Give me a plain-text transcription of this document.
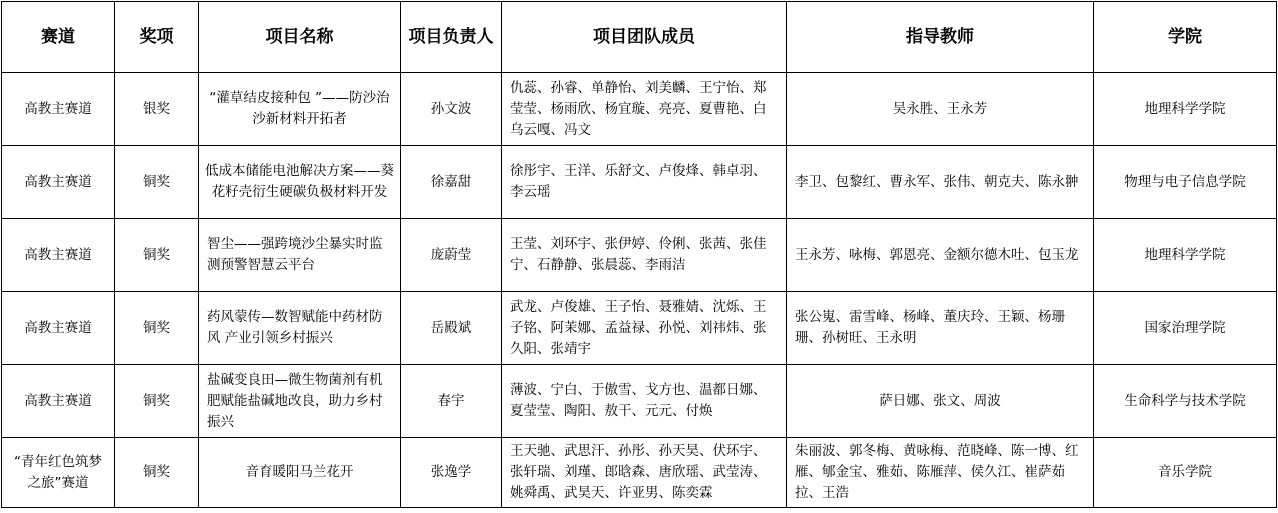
赛道	奖项	项目名称	项目负责人	项目团队成员	指导教师	学院
高教主赛道	银奖	“灌草结皮接种包 ”——防沙治沙新材料开拓者	孙文波	仇蕊、孙睿、单静怡、刘美麟、王宁怡、郑莹莹、杨雨欣、杨宜璇、亮亮、夏曹艳、白乌云嘎、冯文	吴永胜、王永芳	地理科学学院
高教主赛道	铜奖	低成本储能电池解决方案——葵花籽壳衍生硬碳负极材料开发	徐嘉甜	徐彤宇、王洋、乐舒文、卢俊烽、韩卓羽、李云瑶	李卫、包黎红、曹永军、张伟、朝克夫、陈永翀	物理与电子信息学院
高教主赛道	铜奖	智尘——强跨境沙尘暴实时监测预警智慧云平台	庞蔚莹	王莹、刘环宇、张伊婷、伶俐、张茜、张佳宁、石静静、张晨蕊、李雨洁	王永芳、咏梅、郭恩亮、金额尔德木吐、包玉龙	地理科学学院
高教主赛道	铜奖	药风蒙传—数智赋能中药材防风 产业引领乡村振兴	岳殿斌	武龙、卢俊雄、王子怡、聂雅婧、沈烁、王子铭、阿茉娜、孟益禄、孙悦、刘祎炜、张久阳、张靖宇	张公嵬、雷雪峰、杨峰、董庆玲、王颖、杨珊珊、孙树旺、王永明	国家治理学院
高教主赛道	铜奖	盐碱变良田—微生物菌剂有机肥赋能盐碱地改良，助力乡村振兴	春宇	薄波、宁白、于傲雪、戈方也、温都日娜、夏莹莹、陶阳、敖干、元元、付焕	萨日娜、张文、周波	生命科学与技术学院
“青年红色筑梦之旅”赛道	铜奖	音育暖阳马兰花开	张逸学	王天驰、武思汗、孙彤、孙天昊、伏环宇、张轩瑞、刘瑾、郎晗森、唐欣瑶、武莹涛、姚舜禹、武昊天、许亚男、陈奕霖	朱丽波、郭冬梅、黄咏梅、范晓峰、陈一博、红雁、郇金宝、雅茹、陈雁萍、侯久江、崔萨茹拉、王浩	音乐学院
